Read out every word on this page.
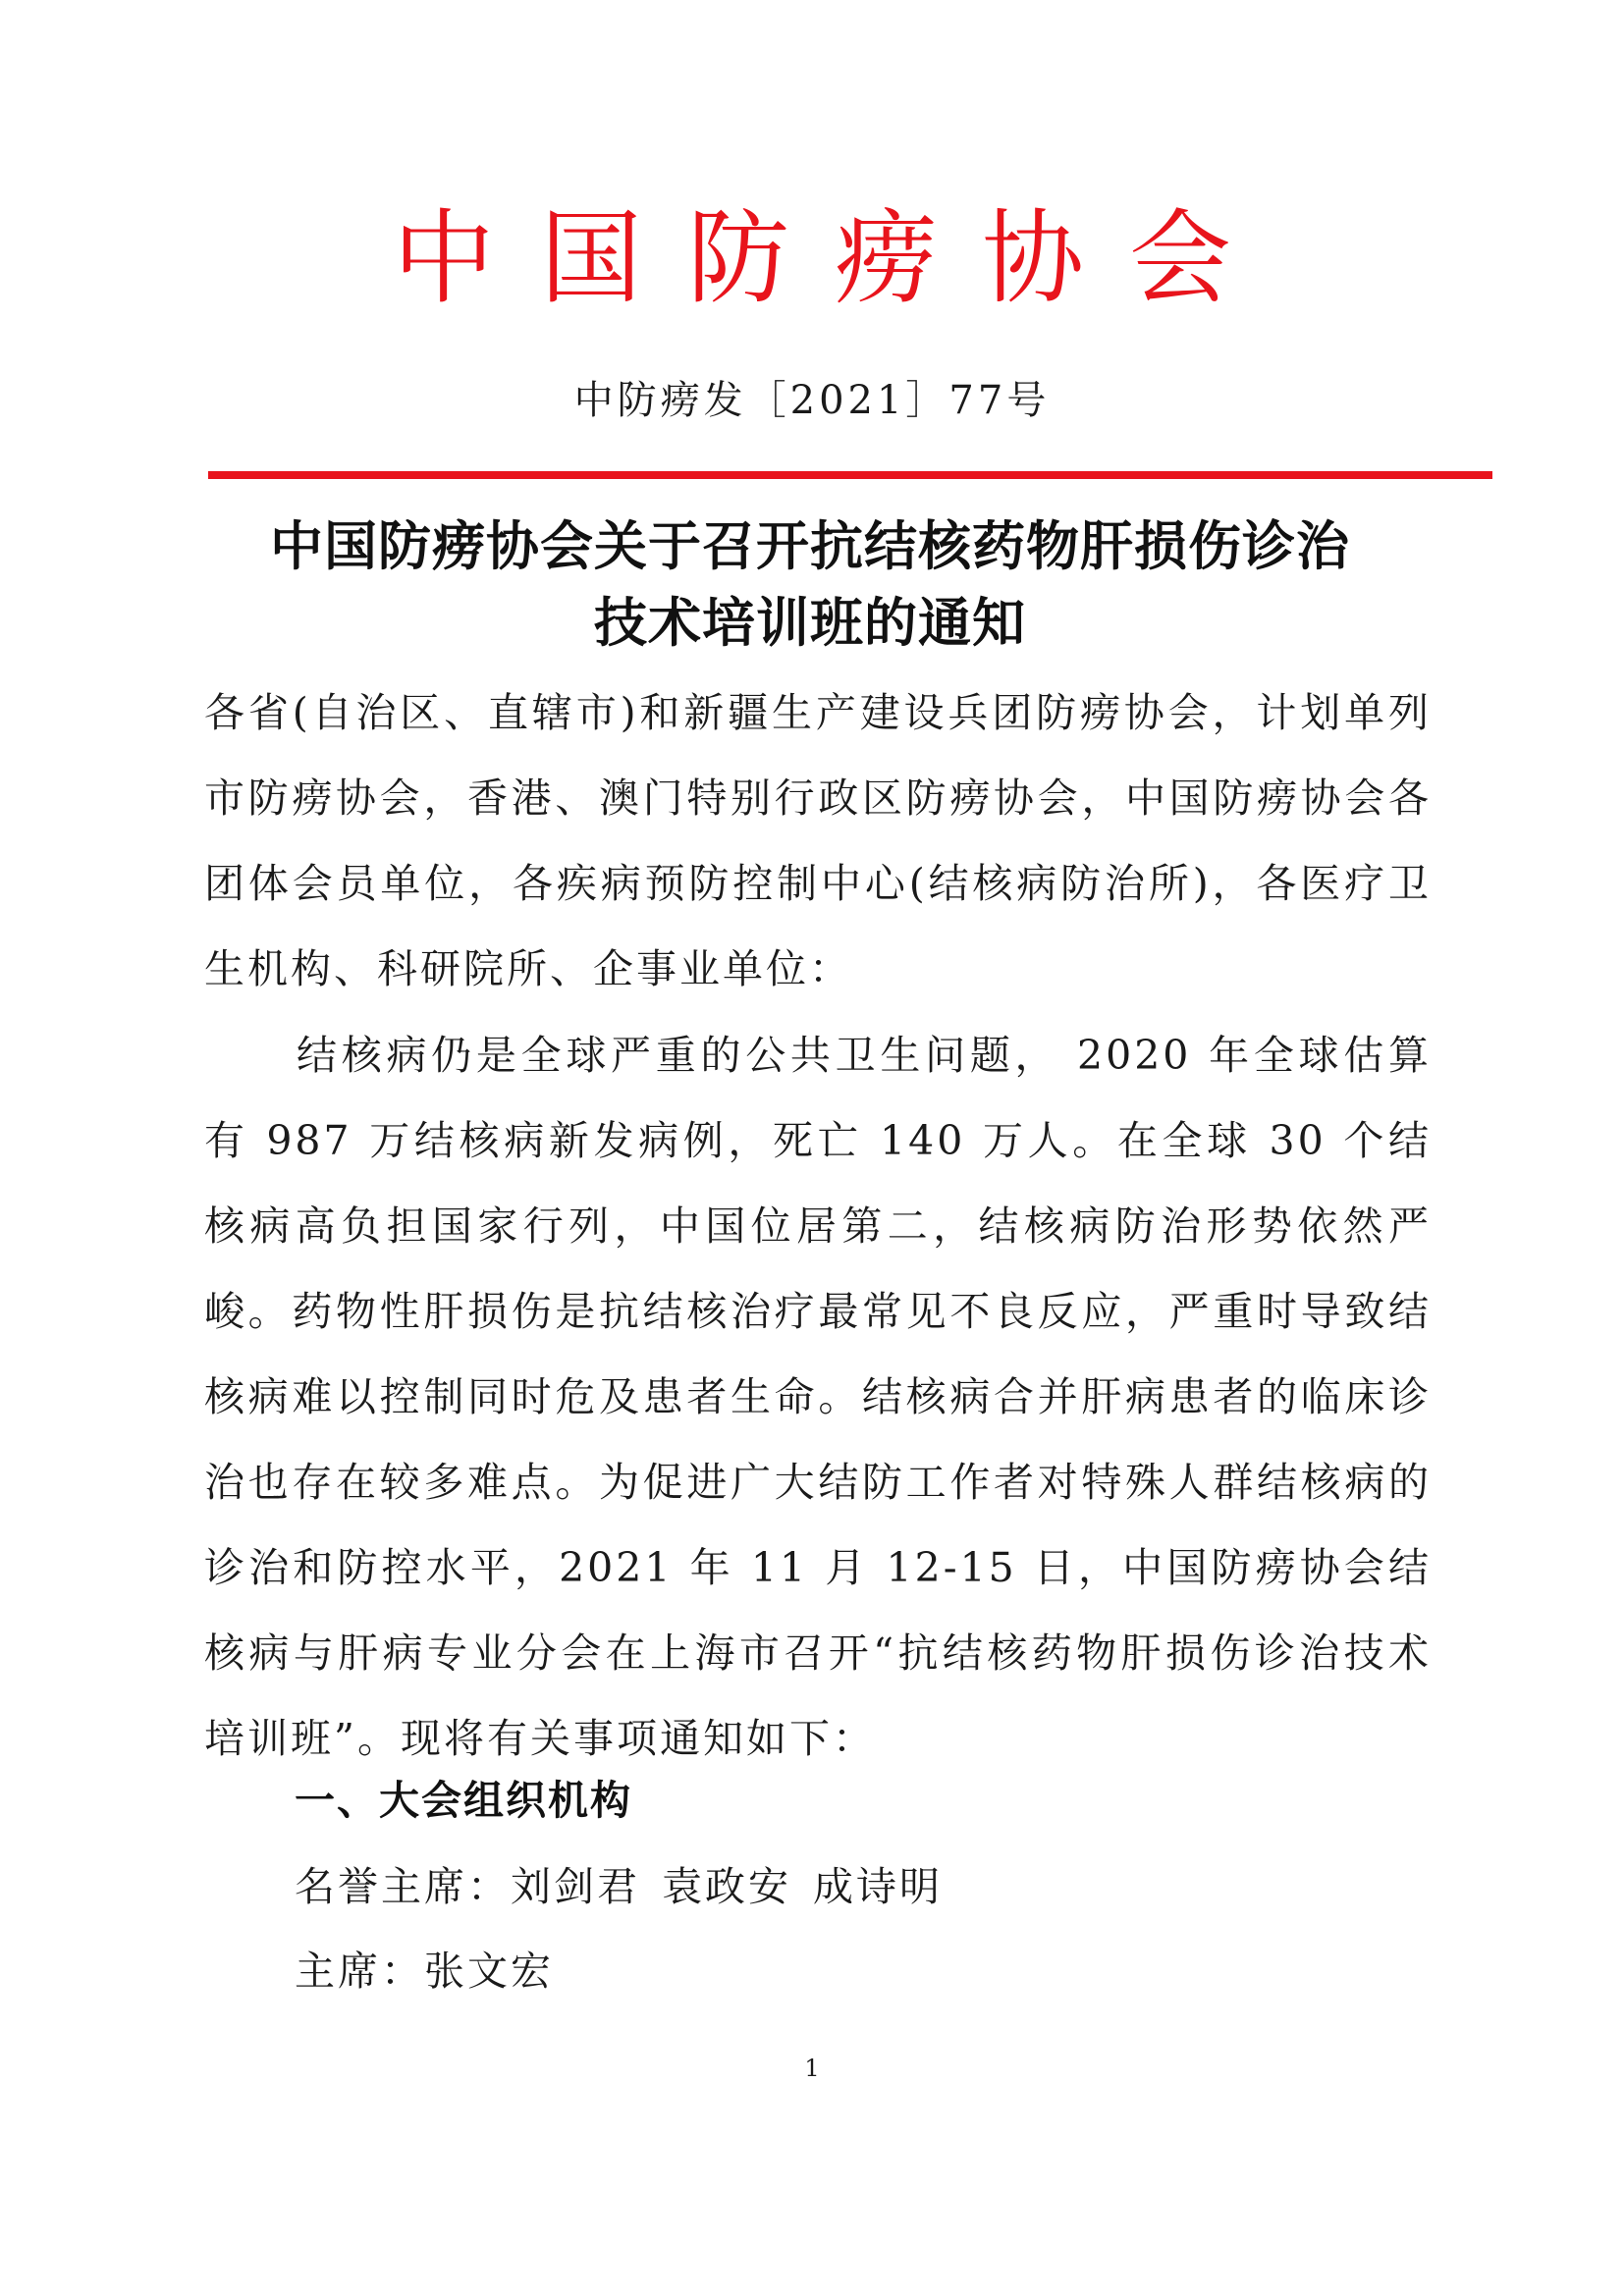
中国防痨协会
中防痨发［2021］77号
中国防痨协会关于召开抗结核药物肝损伤诊治
技术培训班的通知
各省(自治区、直辖市)和新疆生产建设兵团防痨协会，计划单列市防痨协会，香港、澳门特别行政区防痨协会，中国防痨协会各团体会员单位，各疾病预防控制中心(结核病防治所)，各医疗卫生机构、科研院所、企事业单位：
结核病仍是全球严重的公共卫生问题， 2020 年全球估算有 987 万结核病新发病例，死亡 140 万人。在全球 30 个结核病高负担国家行列，中国位居第二，结核病防治形势依然严峻。药物性肝损伤是抗结核治疗最常见不良反应，严重时导致结核病难以控制同时危及患者生命。结核病合并肝病患者的临床诊治也存在较多难点。为促进广大结防工作者对特殊人群结核病的诊治和防控水平，2021 年 11 月 12-15 日，中国防痨协会结核病与肝病专业分会在上海市召开“抗结核药物肝损伤诊治技术培训班”。现将有关事项通知如下：
一、大会组织机构
名誉主席：刘剑君 袁政安 成诗明
主席：张文宏
1
